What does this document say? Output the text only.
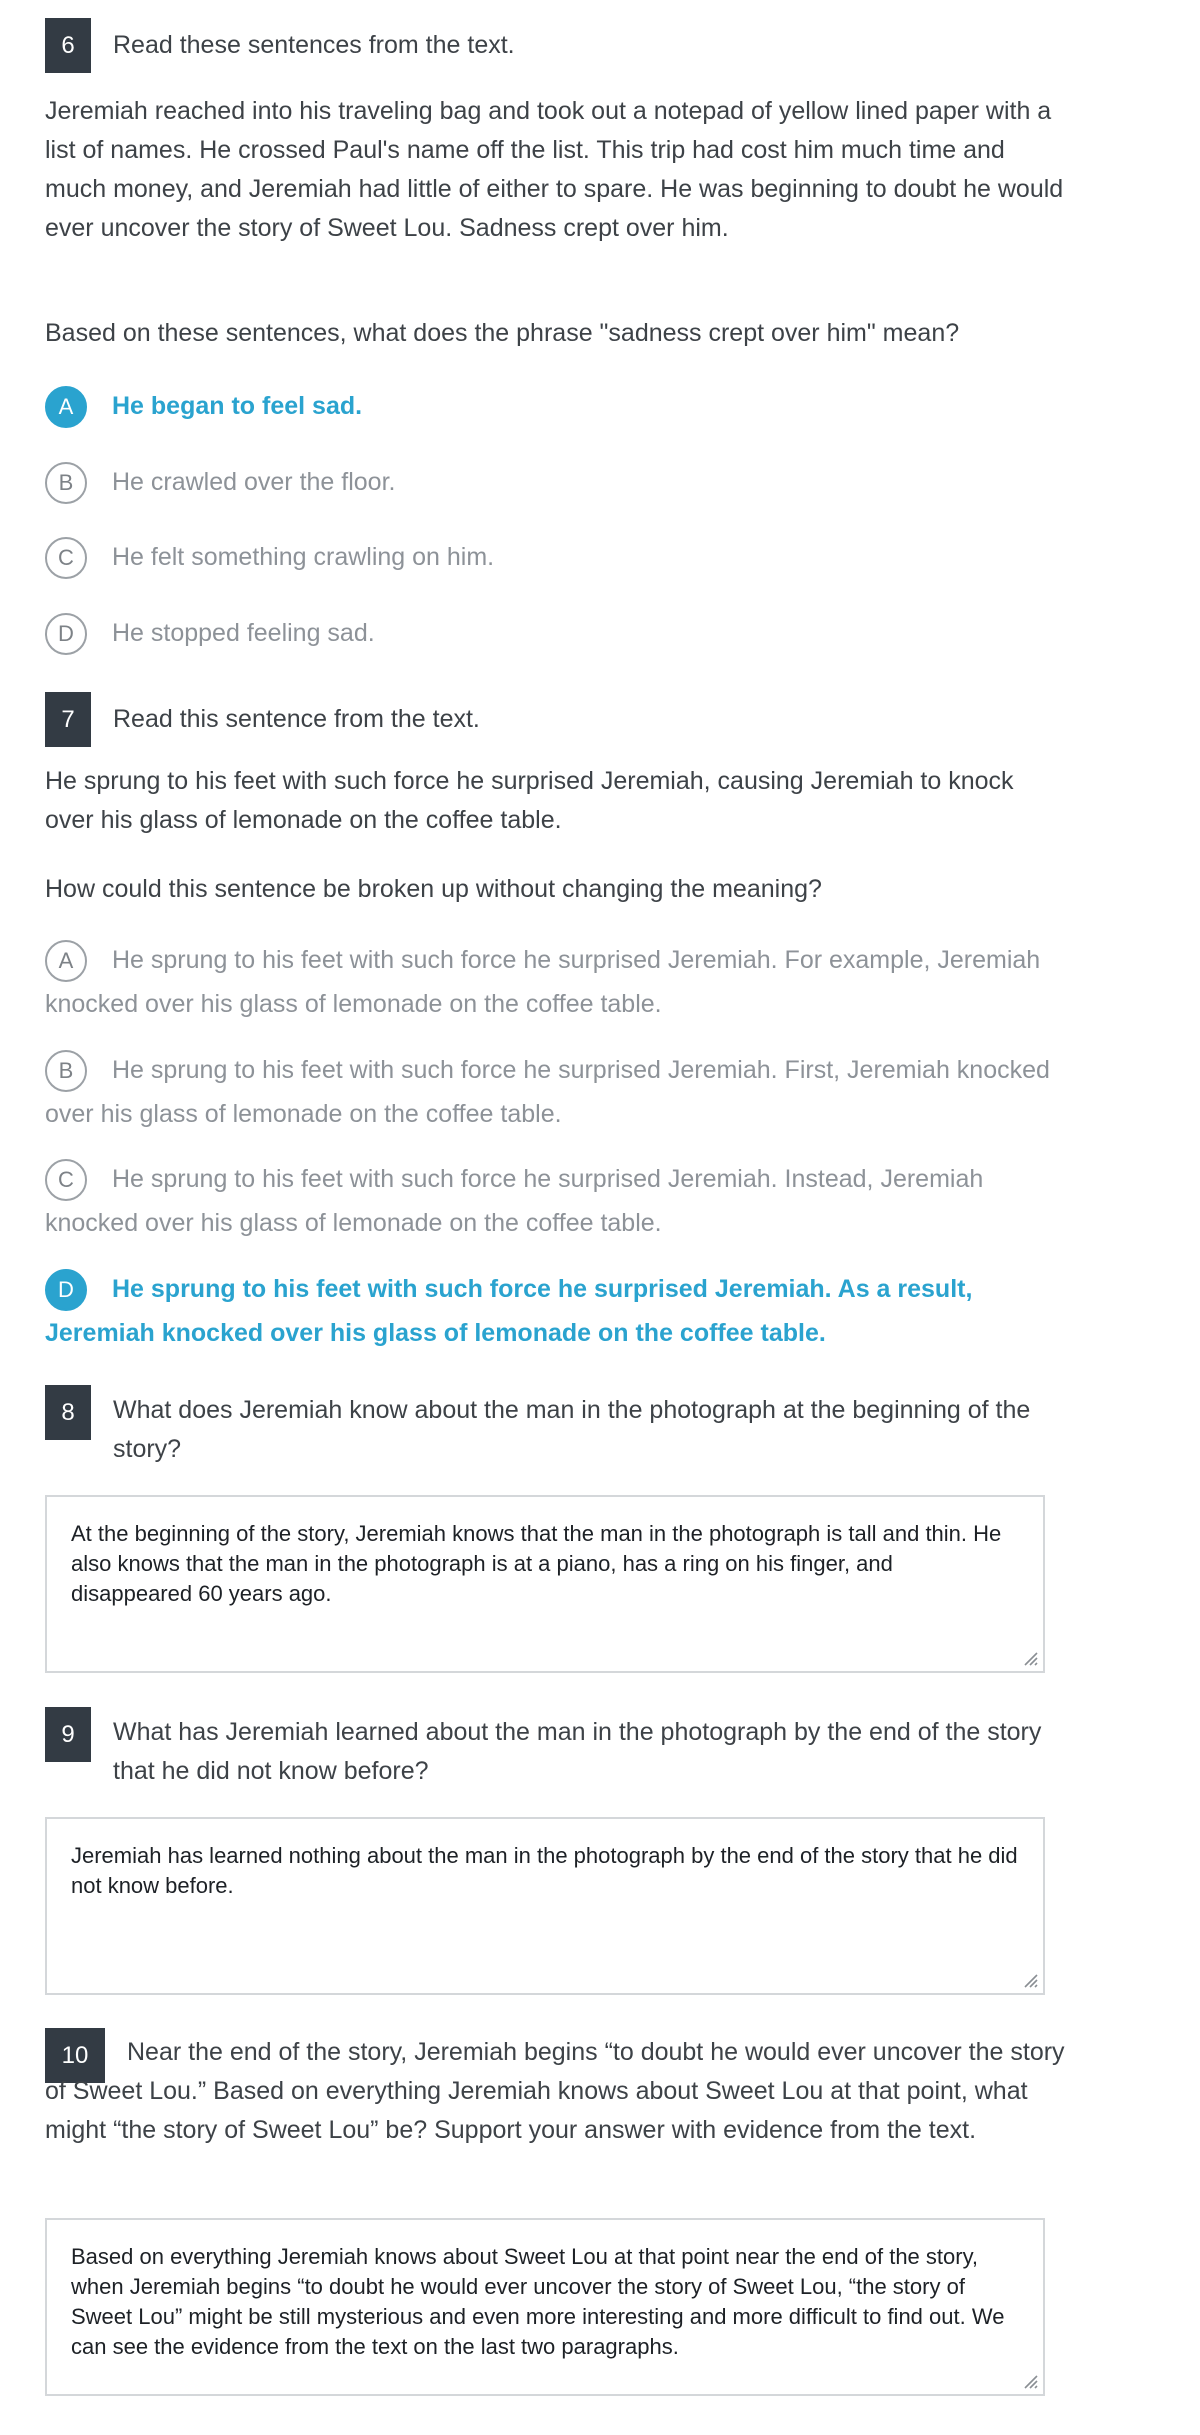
6	Read these sentences from the text.
Jeremiah reached into his traveling bag and took out a notepad of yellow lined paper with a list of names. He crossed Paul's name off the list. This trip had cost him much time and much money, and Jeremiah had little of either to spare. He was beginning to doubt he would ever uncover the story of Sweet Lou. Sadness crept over him.
Based on these sentences, what does the phrase "sadness crept over him" mean?
A He began to feel sad.
B He crawled over the floor.
C He felt something crawling on him.
D He stopped feeling sad.
7	Read this sentence from the text.
He sprung to his feet with such force he surprised Jeremiah, causing Jeremiah to knock over his glass of lemonade on the coffee table.
How could this sentence be broken up without changing the meaning?
A He sprung to his feet with such force he surprised Jeremiah. For example, Jeremiah knocked over his glass of lemonade on the coffee table.
B He sprung to his feet with such force he surprised Jeremiah. First, Jeremiah knocked over his glass of lemonade on the coffee table.
C He sprung to his feet with such force he surprised Jeremiah. Instead, Jeremiah knocked over his glass of lemonade on the coffee table.
D He sprung to his feet with such force he surprised Jeremiah. As a result, Jeremiah knocked over his glass of lemonade on the coffee table.
8	What does Jeremiah know about the man in the photograph at the beginning of the story?
At the beginning of the story, Jeremiah knows that the man in the photograph is tall and thin. He also knows that the man in the photograph is at a piano, has a ring on his finger, and disappeared 60 years ago.
9	What has Jeremiah learned about the man in the photograph by the end of the story that he did not know before?
Jeremiah has learned nothing about the man in the photograph by the end of the story that he did not know before.
10	Near the end of the story, Jeremiah begins “to doubt he would ever uncover the story of Sweet Lou.” Based on everything Jeremiah knows about Sweet Lou at that point, what might “the story of Sweet Lou” be? Support your answer with evidence from the text.
Based on everything Jeremiah knows about Sweet Lou at that point near the end of the story, when Jeremiah begins “to doubt he would ever uncover the story of Sweet Lou, “the story of Sweet Lou” might be still mysterious and even more interesting and more difficult to find out. We can see the evidence from the text on the last two paragraphs.
